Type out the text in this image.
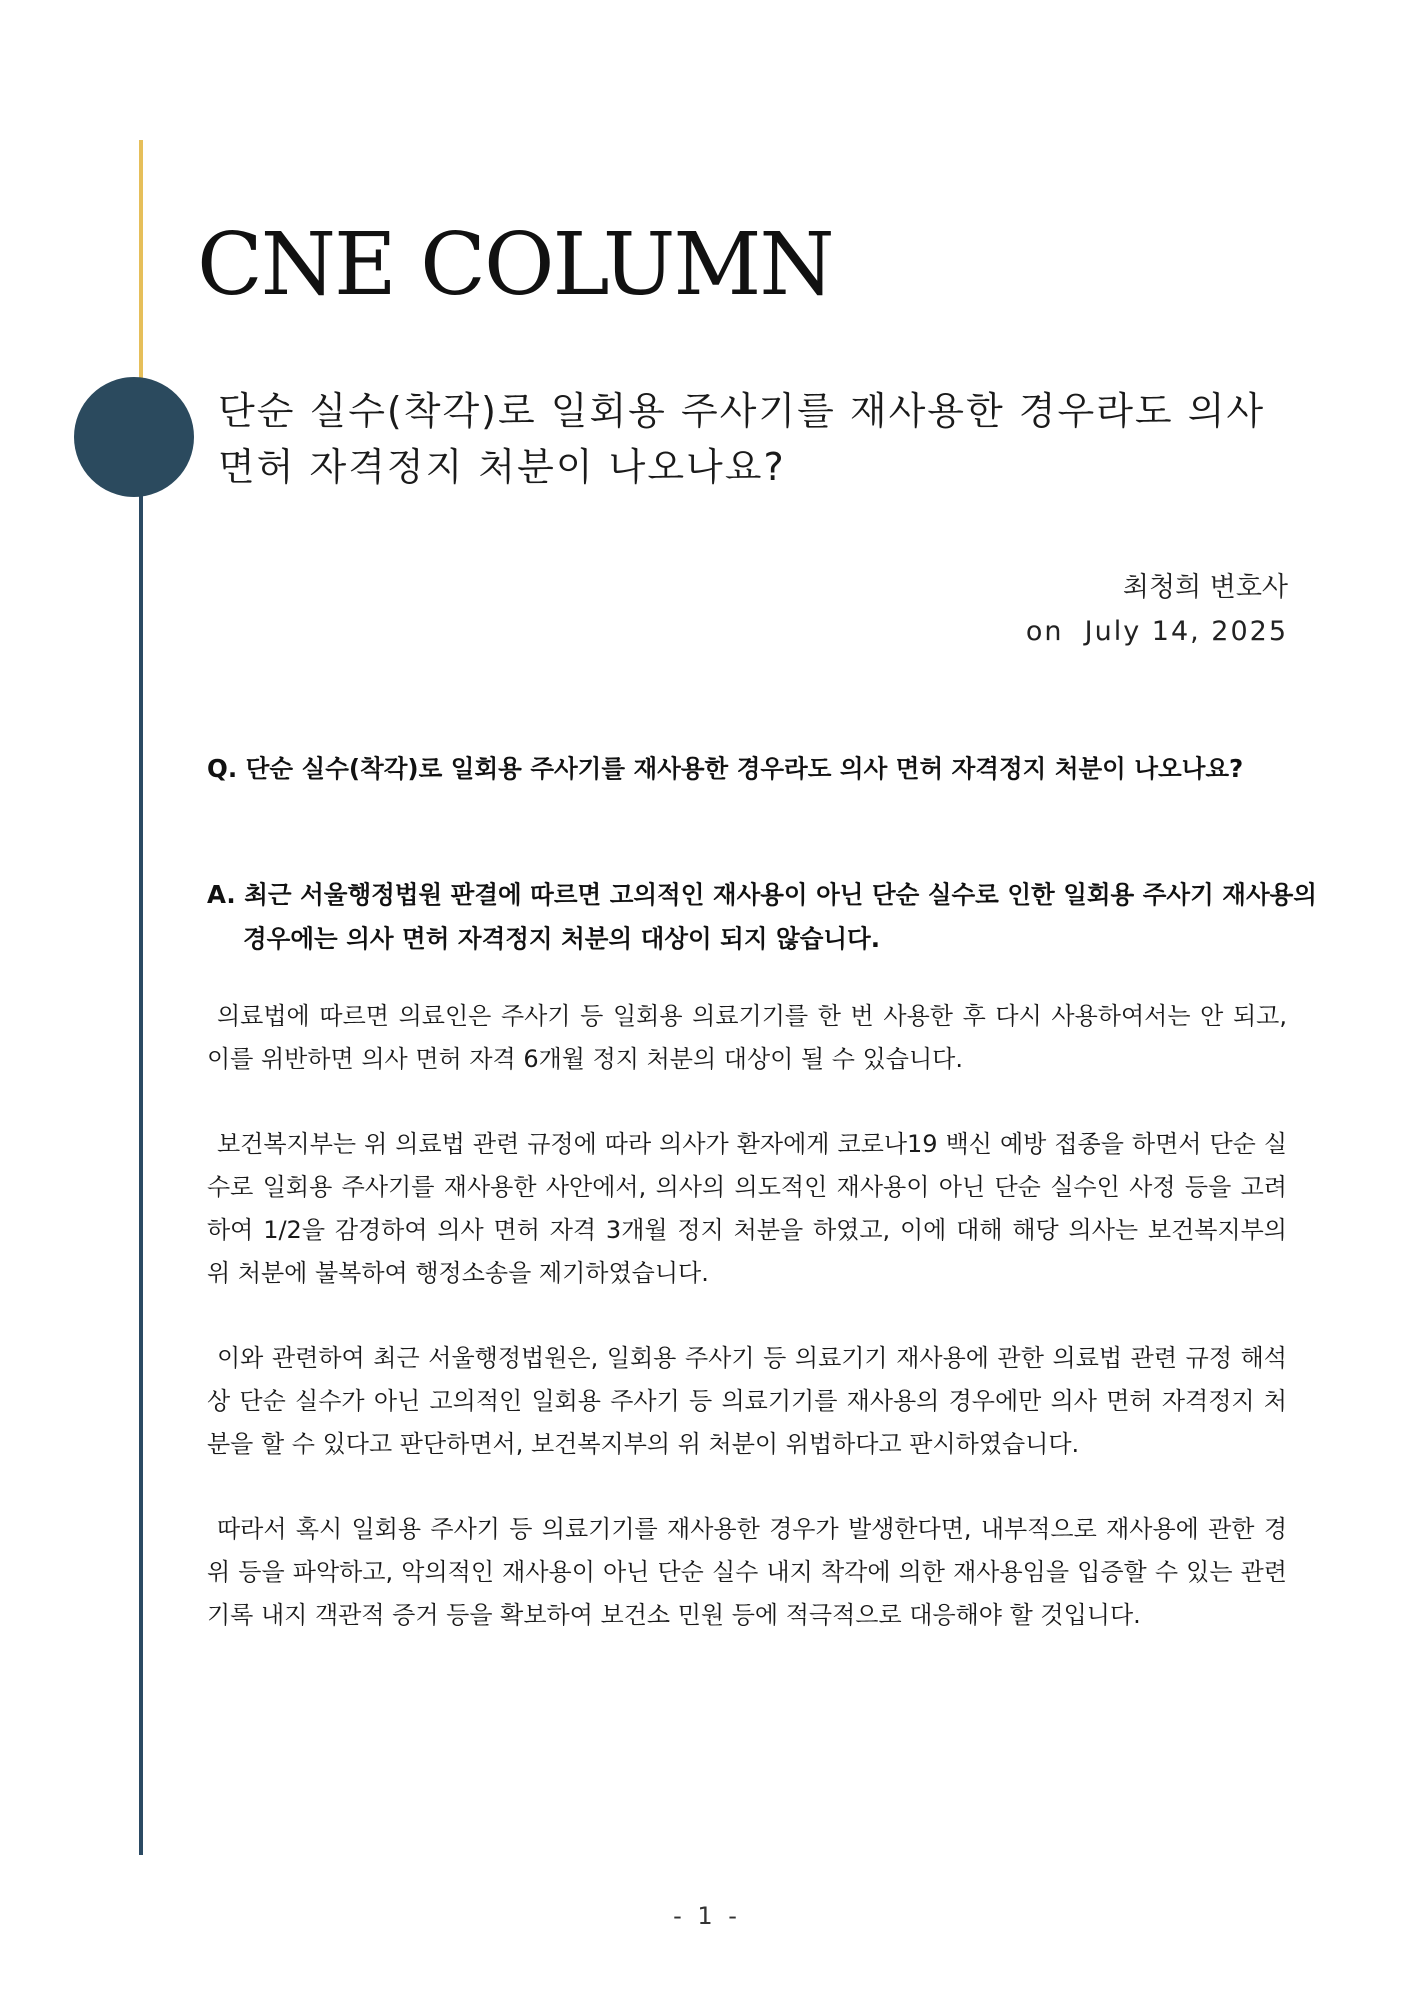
CNE COLUMN
단순 실수(착각)로 일회용 주사기를 재사용한 경우라도 의사 면허 자격정지 처분이 나오나요?
최청희 변호사
on  July 14, 2025

Q. 단순 실수(착각)로 일회용 주사기를 재사용한 경우라도 의사 면허 자격정지 처분이 나오나요?

A. 최근 서울행정법원 판결에 따르면 고의적인 재사용이 아닌 단순 실수로 인한 일회용 주사기 재사용의 경우에는 의사 면허 자격정지 처분의 대상이 되지 않습니다.

의료법에 따르면 의료인은 주사기 등 일회용 의료기기를 한 번 사용한 후 다시 사용하여서는 안 되고, 이를 위반하면 의사 면허 자격 6개월 정지 처분의 대상이 될 수 있습니다.

보건복지부는 위 의료법 관련 규정에 따라 의사가 환자에게 코로나19 백신 예방 접종을 하면서 단순 실수로 일회용 주사기를 재사용한 사안에서, 의사의 의도적인 재사용이 아닌 단순 실수인 사정 등을 고려하여 1/2을 감경하여 의사 면허 자격 3개월 정지 처분을 하였고, 이에 대해 해당 의사는 보건복지부의 위 처분에 불복하여 행정소송을 제기하였습니다.

이와 관련하여 최근 서울행정법원은, 일회용 주사기 등 의료기기 재사용에 관한 의료법 관련 규정 해석상 단순 실수가 아닌 고의적인 일회용 주사기 등 의료기기를 재사용의 경우에만 의사 면허 자격정지 처분을 할 수 있다고 판단하면서, 보건복지부의 위 처분이 위법하다고 판시하였습니다.

따라서 혹시 일회용 주사기 등 의료기기를 재사용한 경우가 발생한다면, 내부적으로 재사용에 관한 경위 등을 파악하고, 악의적인 재사용이 아닌 단순 실수 내지 착각에 의한 재사용임을 입증할 수 있는 관련 기록 내지 객관적 증거 등을 확보하여 보건소 민원 등에 적극적으로 대응해야 할 것입니다.

- 1 -
